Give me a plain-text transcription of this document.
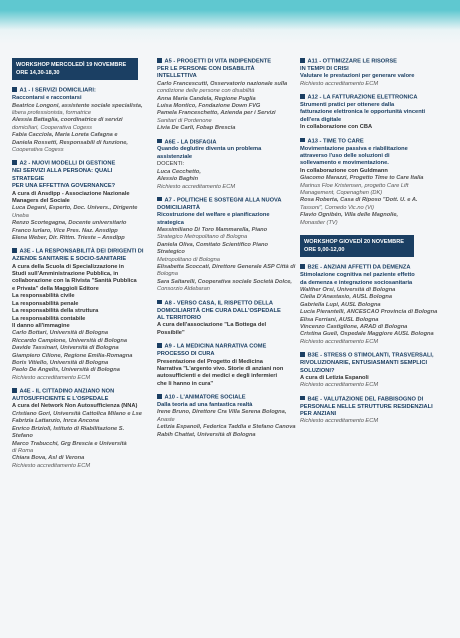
WORKSHOP MERCOLEDÌ 19 NOVEMBRE
ORE 14,30-18,30
A1 - I SERVIZI DOMICILIARI:

Raccontarsi e raccontarsi
Beatrice Longoni, assistente sociale specialista,
libera professionista, formatrice
Alessia Battaglia, coordinatrice di servizi
domiciliari, Cooperativa Cogess
Fabia Cacciola, Maria Loreta Cafagna e
Daniela Rossetti, Responsabili di funzione,
Cooperativa Cogess
A2 - NUOVI MODELLI DI GESTIONE

NEI SERVIZI ALLA PERSONA: QUALI STRATEGIE
PER UNA EFFETTIVA GOVERNANCE?
A cura di Ansdipp - Associazione Nazionale
Managers del Sociale
Luca Degani, Esperto, Doc. Univers., Dirigente
Uneba
Renzo Scortegagna, Docente universitario
Franco Iurlaro, Vice Pres. Naz. Ansdipp
Elena Weber, Dir. Rittm. Trieste – Ansdipp
A3E - LA RESPONSABILITÀ DEI DIRIGENTI DI

AZIENDE SANITARIE E SOCIO-SANITARIE
A cura della Scuola di Specializzazione in
Studi sull'Amministrazione Pubblica, in
collaborazione con la Rivista "Sanità Pubblica
e Privata" della Maggioli Editore
La responsabilità civile
La responsabilità penale
La responsabilità della struttura
La responsabilità contabile
Il danno all'immagine
Carlo Bottari, Università di Bologna
Riccardo Campione, Università di Bologna
Davide Tassinari, Università di Bologna
Giampiero Cilione, Regione Emilia-Romagna
Boris Vitiello, Università di Bologna
Paolo De Angelis, Università di Bologna
Richiesto accreditamento ECM
A4E - IL CITTADINO ANZIANO NON

AUTOSUFFICIENTE E L'OSPEDALE
A cura del Network Non Autosufficienza (NNA)
Cristiano Gori, Università Cattolica Milano e Lse
Fabrizia Lattanzio, Inrca Ancona
Enrico Brizioli, Istituto di Riabilitazione S. Stefano
Marco Trabucchi, Grg Brescia e Università
di Roma
Chiara Bova, Asl di Verona
Richiesto accreditamento ECM
A5 - PROGETTI DI VITA INDIPENDENTE

PER LE PERSONE CON DISABILITÀ
INTELLETTIVA
Carlo Francescutti, Osservatorio nazionale sulla
condizione delle persone con disabilità
Anna Maria Candela, Regione Puglia
Luisa Montico, Fondazione Down FVG
Pamela Franceschetto, Azienda per i Servizi
Sanitari di Pordenone
Livia De Carli, Fobap Brescia
A6E - LA DISFAGIA

Quando deglutire diventa un problema
assistenziale
DOCENTI:
Luca Cecchetto,
Alessio Baghin
Richiesto accreditamento ECM
A7 - POLITICHE E SOSTEGNI ALLA NUOVA

DOMICILIARITÀ
Ricostruzione del welfare e pianificazione
strategica
Massimiliano Di Toro Mammarella, Piano
Strategico Metropolitano di Bologna
Daniela Oliva, Comitato Scientifico Piano Strategico
Metropolitano di Bologna
Elisabetta Scoccati, Direttore Generale ASP Città di
Bologna
Sara Saltarelli, Cooperativa sociale Società Dolce,
Consorzio Aldebaran
A8 - VERSO CASA, IL RISPETTO DELLA

DOMICILIARITÀ CHE CURA DALL'OSPEDALE
AL TERRITORIO
A cura dell'associazione "La Bottega del
Possibile"
A9 - LA MEDICINA NARRATIVA COME

PROCESSO DI CURA
Presentazione del Progetto di Medicina
Narrativa "L'argento vivo. Storie di anziani non
autosufficienti e dei medici e degli infermieri
che li hanno in cura"
A10 - L'ANIMATORE SOCIALE

Dalla teoria ad una fantastica realtà
Irene Bruno, Direttore Cra Villa Serena Bologna,
Anaste
Letizia Espanoli, Federica Taddia e Stefano Canova
Rabih Chattat, Università di Bologna
A11 - OTTIMIZZARE LE RISORSE

IN TEMPI DI CRISI
Valutare le prestazioni per generare valore
Richiesto accreditamento ECM
A12 - LA FATTURAZIONE ELETTRONICA

Strumenti pratici per ottenere dalla
fatturazione elettronica le opportunità vincenti
dell'era digitale
In collaborazione con CBA
A13 - TIME TO CARE

Movimentazione passiva e riabilitazione
attraverso l'uso delle soluzioni di
sollevamento e movimentazione.
In collaborazione con Guldmann
Giacomo Marazzi, Progetto Time to Care Italia
Marinus Floe Kristensen, progetto Care Lift
Management, Copenaghen (DK)
Rosa Roberta, Casa di Riposo "Dott. U. e A.
Tassoni", Cornedo Vic.no (Vi)
Flavio Ognibén, Villa delle Magnolie,
Monastier (TV)
WORKSHOP GIOVEDÌ 20 NOVEMBRE
ORE 9,00-12,00
B2E - ANZIANI AFFETTI DA DEMENZA

Stimolazione cognitiva nel paziente effetto
da demenza e integrazione sociosanitaria
Walther Orsi, Università di Bologna
Clelia D'Anastasio, AUSL Bologna
Gabriella Lupi, AUSL Bologna
Lucia Pierantelli, ANCESCAO Provincia di Bologna
Elisa Ferriani, AUSL Bologna
Vincenzo Castiglione, ARAD di Bologna
Cristina Gueli, Ospedale Maggiore AUSL Bologna
Richiesto accreditamento ECM
B3E - STRESS O STIMOLANTI, TRASVERSALI,

RIVOLUZIONARIE, ENTUSIASMANTI SEMPLICI
SOLUZIONI?
A cura di Letizia Espanoli
Richiesto accreditamento ECM
B4E - VALUTAZIONE DEL FABBISOGNO DI

PERSONALE NELLE STRUTTURE RESIDENZIALI
PER ANZIANI
Richiesto accreditamento ECM
